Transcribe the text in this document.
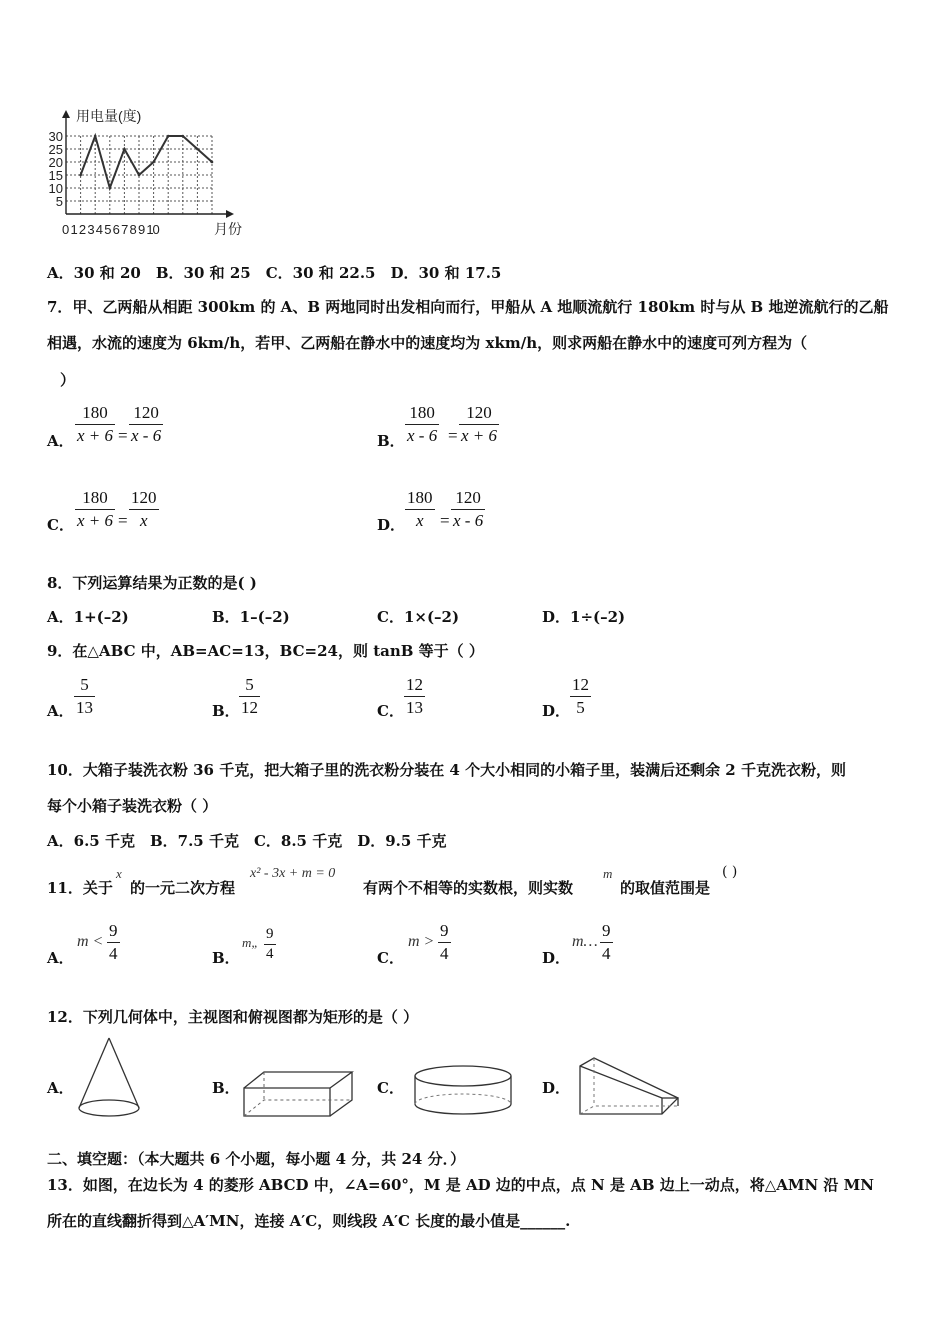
用电量(度)
月份
0 1 2 3 4 5 6 7 8 9 10
5
10
15
20
25
30
A．30 和 20　B．30 和 25　C．30 和 22.5　D．30 和 17.5
7．甲、乙两船从相距 300km 的 A、B 两地同时出发相向而行，甲船从 A 地顺流航行 180km 时与从 B 地逆流航行的乙船
相遇，水流的速度为 6km/h，若甲、乙两船在静水中的速度均为 xkm/h，则求两船在静水中的速度可列方程为（
）
A． $\frac{180}{x + 6} = \frac{120}{x - 6}$	B． $\frac{180}{x - 6} = \frac{120}{x + 6}$
C． $\frac{180}{x + 6} = \frac{120}{x}$	D． $\frac{180}{x} = \frac{120}{x - 6}$
8．下列运算结果为正数的是( )
A．1+(–2)	B．1–(–2)	C．1×(–2)	D．1÷(–2)
9．在△ABC 中，AB=AC=13，BC=24，则 tanB 等于（ ）
A． $\frac{5}{13}$	B． $\frac{5}{12}$	C． $\frac{12}{13}$	D． $\frac{12}{5}$
10．大箱子装洗衣粉 36 千克，把大箱子里的洗衣粉分装在 4 个大小相同的小箱子里，装满后还剩余 2 千克洗衣粉，则
每个小箱子装洗衣粉（ ）
A．6.5 千克　B．7.5 千克　C．8.5 千克　D．9.5 千克
11．关于
x
的一元二次方程
x² - 3x + m = 0
有两个不相等的实数根，则实数
m
的取值范围是
( )
A．
$m < \frac{9}{4}$	B．
m„ $\frac{9}{4}$	C．
$m > \frac{9}{4}$	D．
m… $\frac{9}{4}$
12．下列几何体中，主视图和俯视图都为矩形的是（ ）
A．	B．	C．	D．
二、填空题：（本大题共 6 个小题，每小题 4 分，共 24 分．）
13．如图，在边长为 4 的菱形 ABCD 中，∠A=60°，M 是 AD 边的中点，点 N 是 AB 边上一动点，将△AMN 沿 MN
所在的直线翻折得到△A′MN，连接 A′C，则线段 A′C 长度的最小值是______.
